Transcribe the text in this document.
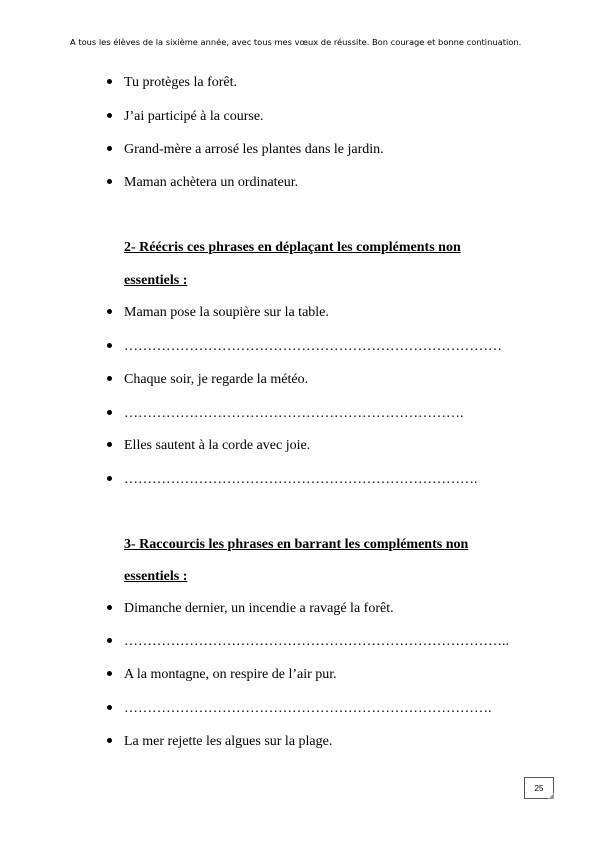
A tous les élèves de la sixième année, avec tous mes vœux de réussite. Bon courage et bonne continuation.
Tu protèges la forêt.
J’ai participé à la course.
Grand-mère a arrosé les plantes dans le jardin.
Maman achètera un ordinateur.
2- Réécris ces phrases en déplaçant les compléments non
essentiels :
Maman pose la soupière sur la table.
………………………………………………………………………
Chaque soir, je regarde la météo.
……………………………………………………………….
Elles sautent à la corde avec joie.
………………………………………………………………….
3- Raccourcis les phrases en barrant les compléments non
essentiels :
Dimanche dernier, un incendie a ravagé la forêt.
………………………………………………………………………..
A la montagne, on respire de l’air pur.
…………………………………………………………………….
La mer rejette les algues sur la plage.
25
